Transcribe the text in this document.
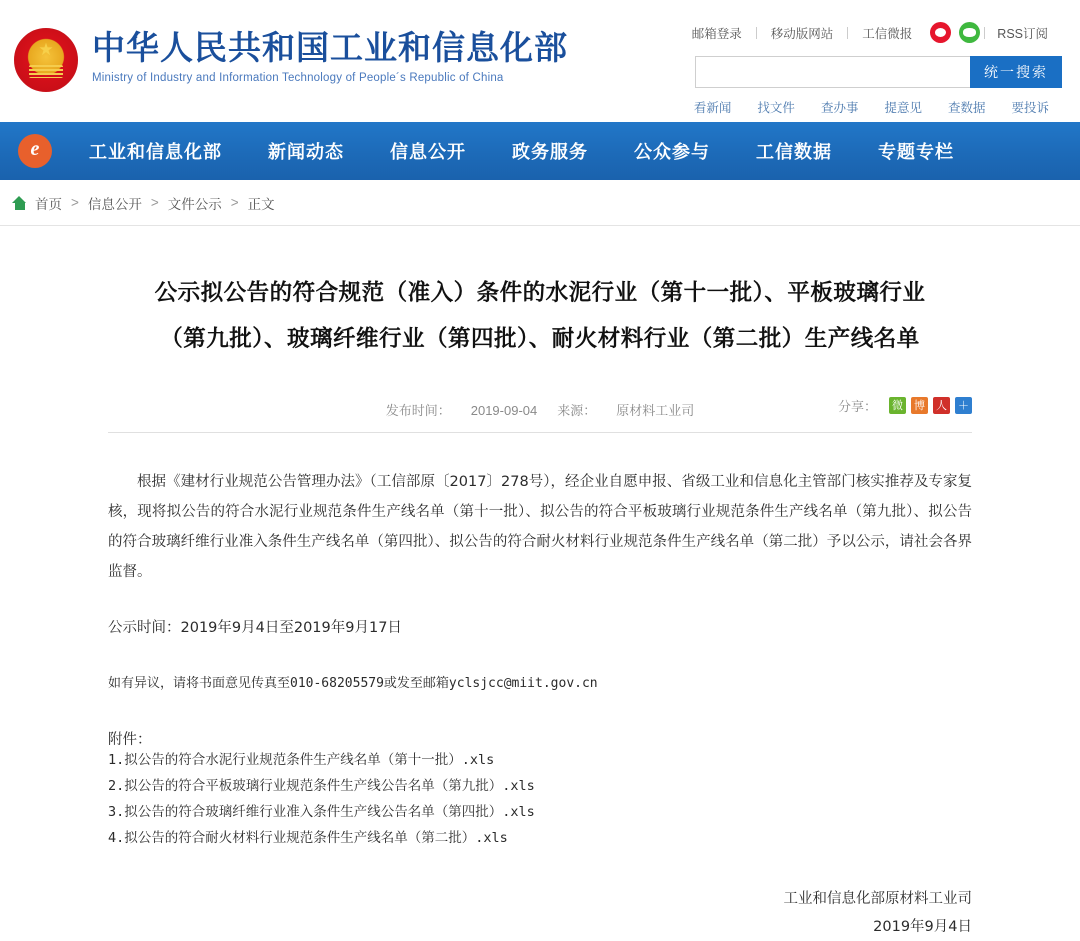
★
中华人民共和国工业和信息化部
Ministry of Industry and Information Technology of People´s Republic of China
邮箱登录	移动版网站	工信微报	RSS订阅
统一搜索
看新闻	找文件	查办事	提意见	查数据	要投诉
e
工业和信息化部	新闻动态	信息公开	政务服务	公众参与	工信数据	专题专栏
首页 > 信息公开 > 文件公示 > 正文
公示拟公告的符合规范（准入）条件的水泥行业（第十一批）、平板玻璃行业
（第九批）、玻璃纤维行业（第四批）、耐火材料行业（第二批）生产线名单
发布时间： 2019-09-04 来源： 原材料工业司	分享： 微 博 人 ＋

根据《建材行业规范公告管理办法》（工信部原〔2017〕278号），经企业自愿申报、省级工业和信息化主管部门核实推荐及专家复核，现将拟公告的符合水泥行业规范条件生产线名单（第十一批）、拟公告的符合平板玻璃行业规范条件生产线名单（第九批）、拟公告的符合玻璃纤维行业准入条件生产线名单（第四批）、拟公告的符合耐火材料行业规范条件生产线名单（第二批）予以公示，请社会各界监督。

公示时间：2019年9月4日至2019年9月17日

如有异议，请将书面意见传真至010-68205579或发至邮箱yclsjcc@miit.gov.cn

附件：

1.拟公告的符合水泥行业规范条件生产线名单（第十一批）.xls
2.拟公告的符合平板玻璃行业规范条件生产线公告名单（第九批）.xls
3.拟公告的符合玻璃纤维行业准入条件生产线公告名单（第四批）.xls
4.拟公告的符合耐火材料行业规范条件生产线名单（第二批）.xls
工业和信息化部原材料工业司
2019年9月4日
